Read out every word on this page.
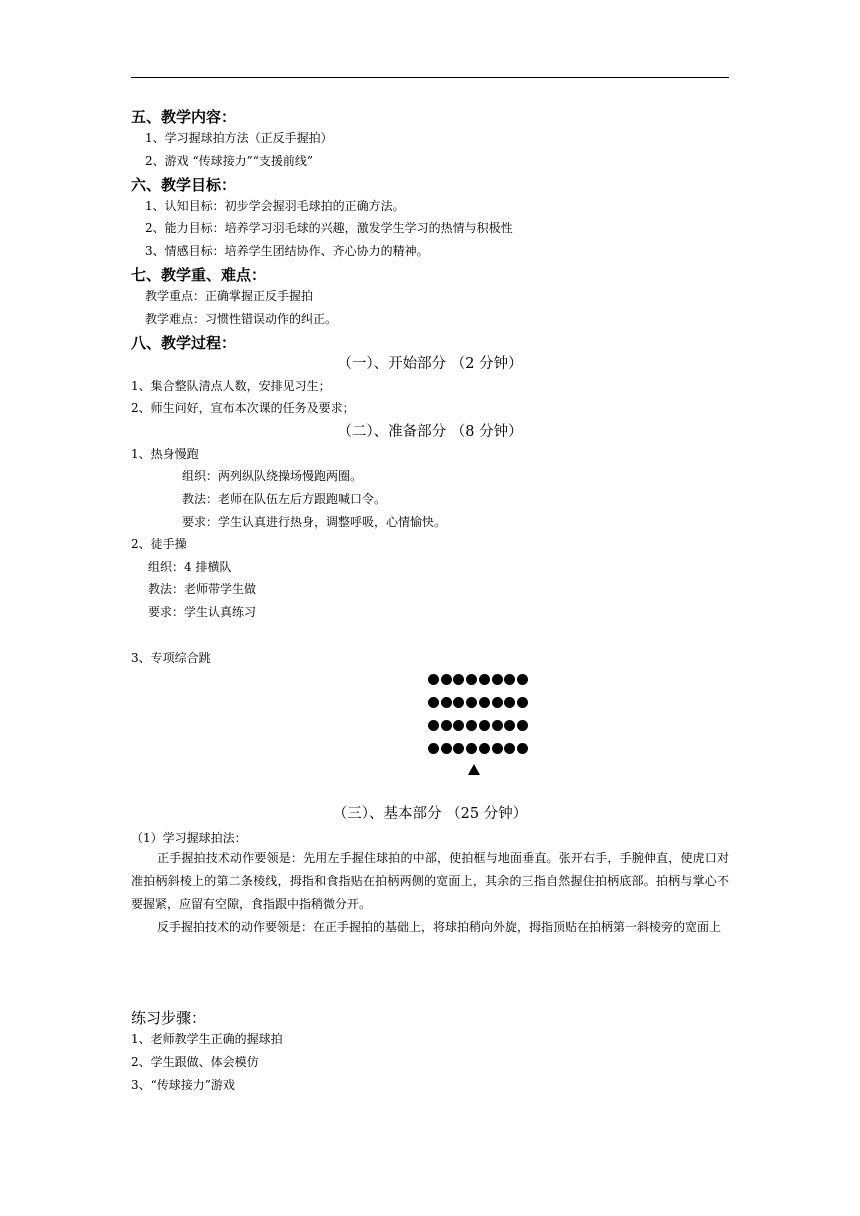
五、教学内容：
1、学习握球拍方法（正反手握拍）
2、游戏 “传球接力”“支援前线”
六、教学目标：
1、认知目标：初步学会握羽毛球拍的正确方法。
2、能力目标：培养学习羽毛球的兴趣，激发学生学习的热情与积极性
3、情感目标：培养学生团结协作、齐心协力的精神。
七、教学重、难点：
教学重点：正确掌握正反手握拍
教学难点：习惯性错误动作的纠正。
八、教学过程：
（一）、开始部分 （2 分钟）
1、集合整队清点人数，安排见习生；
2、师生问好，宣布本次课的任务及要求；
（二）、准备部分 （8 分钟）
1、热身慢跑
组织：两列纵队绕操场慢跑两圈。
教法：老师在队伍左后方跟跑喊口令。
要求：学生认真进行热身，调整呼吸，心情愉快。
2、徒手操
组织：4 排横队
教法：老师带学生做
要求：学生认真练习
3、专项综合跳
（三）、基本部分 （25 分钟）
（1）学习握球拍法：

正手握拍技术动作要领是：先用左手握住球拍的中部，使拍框与地面垂直。张开右手，手腕伸直，使虎口对准拍柄斜棱上的第二条棱线，拇指和食指贴在拍柄两侧的宽面上，其余的三指自然握住拍柄底部。拍柄与掌心不要握紧，应留有空隙，食指跟中指稍微分开。

反手握拍技术的动作要领是：在正手握拍的基础上，将球拍稍向外旋，拇指顶贴在拍柄第一斜棱旁的宽面上

练习步骤：
1、老师教学生正确的握球拍
2、学生跟做、体会模仿
3、“传球接力”游戏
